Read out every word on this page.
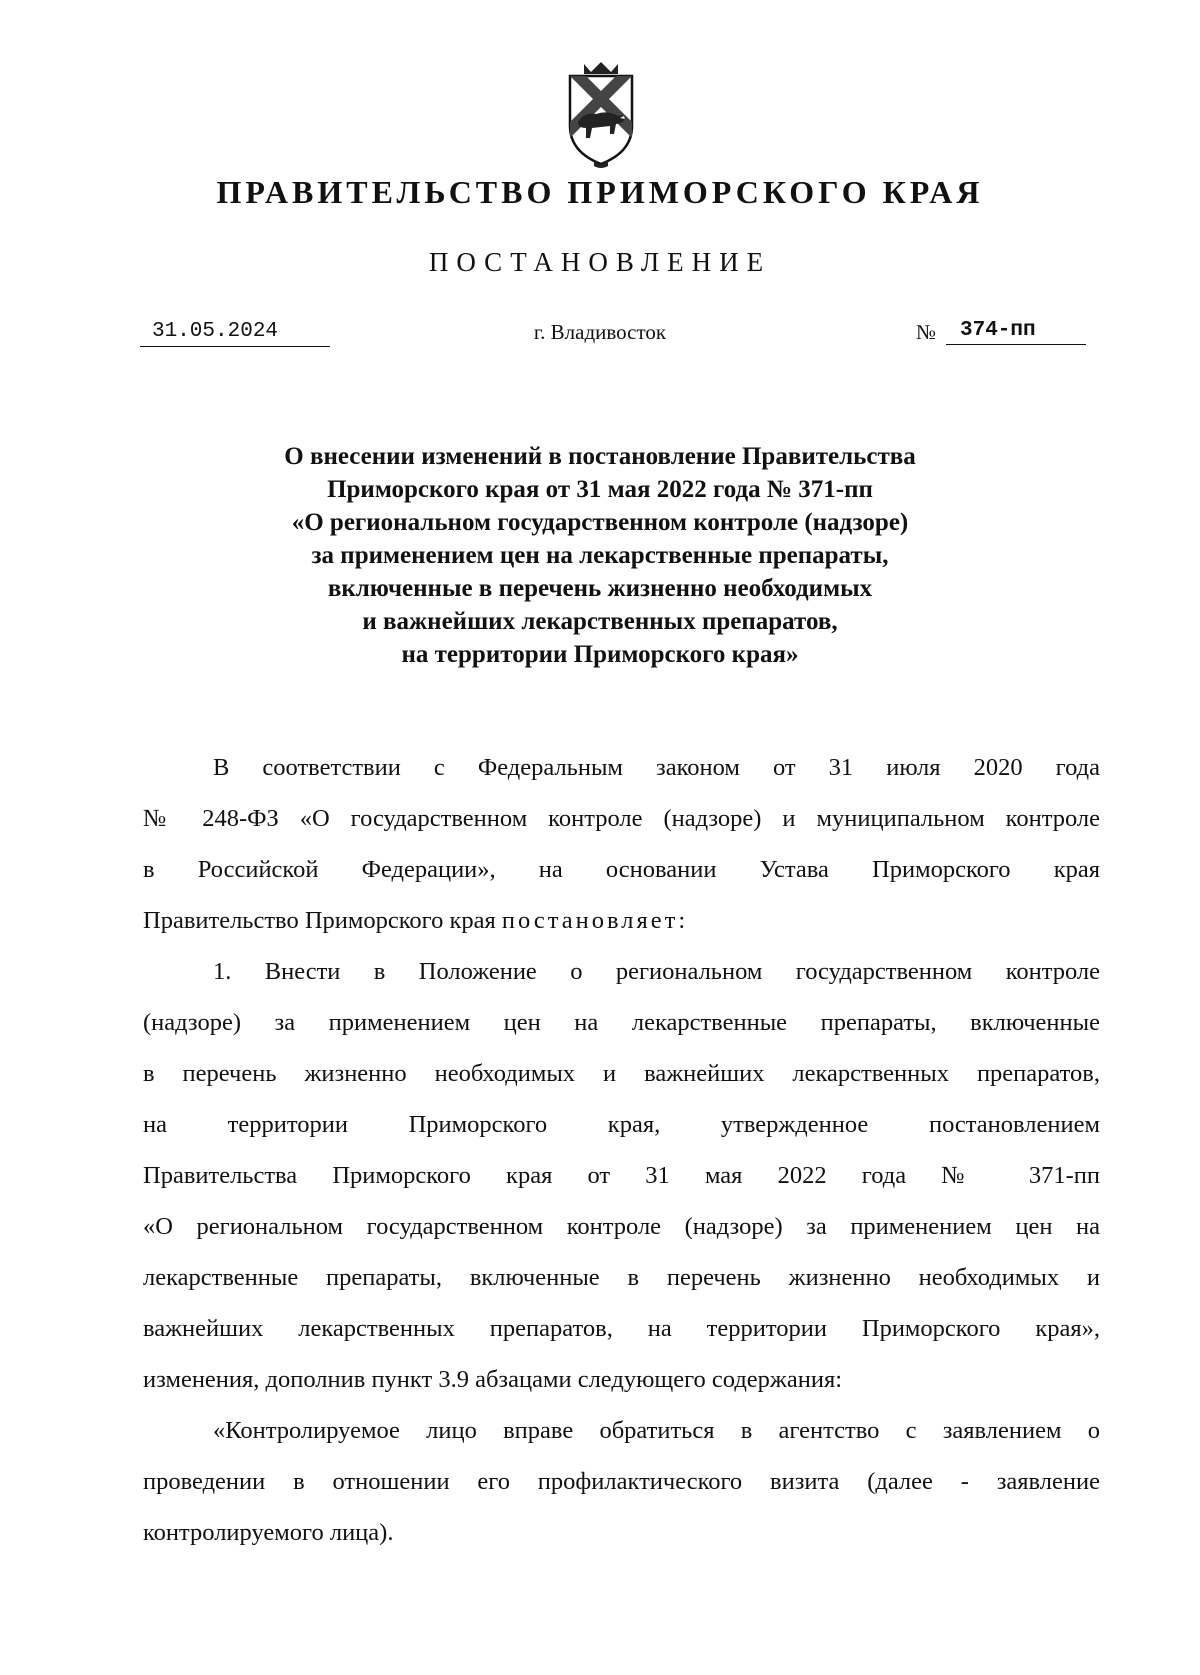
ПРАВИТЕЛЬСТВО ПРИМОРСКОГО КРАЯ
ПОСТАНОВЛЕНИЕ
31.05.2024	г. Владивосток	№	374-пп
О внесении изменений в постановление Правительства
Приморского края от 31 мая 2022 года № 371-пп
«О региональном государственном контроле (надзоре)
за применением цен на лекарственные препараты,
включенные в перечень жизненно необходимых
и важнейших лекарственных препаратов,
на территории Приморского края»
В соответствии с Федеральным законом от 31 июля 2020 года
№ 248-ФЗ «О государственном контроле (надзоре) и муниципальном контроле
в Российской Федерации», на основании Устава Приморского края
Правительство Приморского края постановляет:
1. Внести в Положение о региональном государственном контроле
(надзоре) за применением цен на лекарственные препараты, включенные
в перечень жизненно необходимых и важнейших лекарственных препаратов,
на территории Приморского края, утвержденное постановлением
Правительства Приморского края от 31 мая 2022 года № 371-пп
«О региональном государственном контроле (надзоре) за применением цен на
лекарственные препараты, включенные в перечень жизненно необходимых и
важнейших лекарственных препаратов, на территории Приморского края»,
изменения, дополнив пункт 3.9 абзацами следующего содержания:
«Контролируемое лицо вправе обратиться в агентство с заявлением о
проведении в отношении его профилактического визита (далее - заявление
контролируемого лица).
